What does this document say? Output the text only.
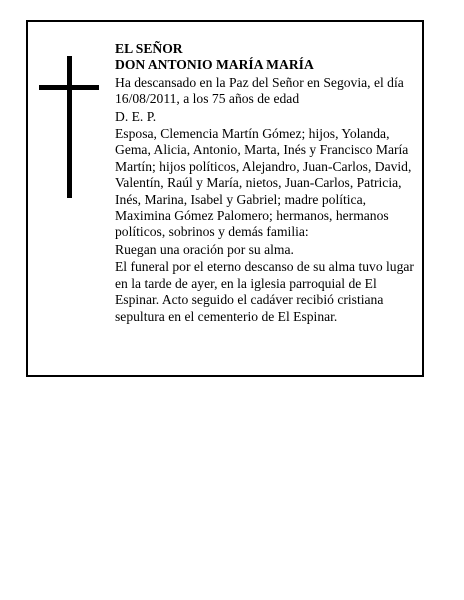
EL SEÑOR

DON ANTONIO MARÍA MARÍA

Ha descansado en la Paz del Señor en Segovia, el día 16/08/2011, a los 75 años de edad

D. E. P.

Esposa, Clemencia Martín Gómez; hijos, Yolanda, Gema, Alicia, Antonio, Marta, Inés y Francisco María Martín; hijos políticos, Alejandro, Juan-Carlos, David, Valentín, Raúl y María, nietos, Juan-Carlos, Patricia, Inés, Marina, Isabel y Gabriel; madre política, Maximina Gómez Palomero; hermanos, hermanos políticos, sobrinos y demás familia:

Ruegan una oración por su alma.

El funeral por el eterno descanso de su alma tuvo lugar en la tarde de ayer, en la iglesia parroquial de El Espinar. Acto seguido el cadáver recibió cristiana sepultura en el cementerio de El Espinar.
